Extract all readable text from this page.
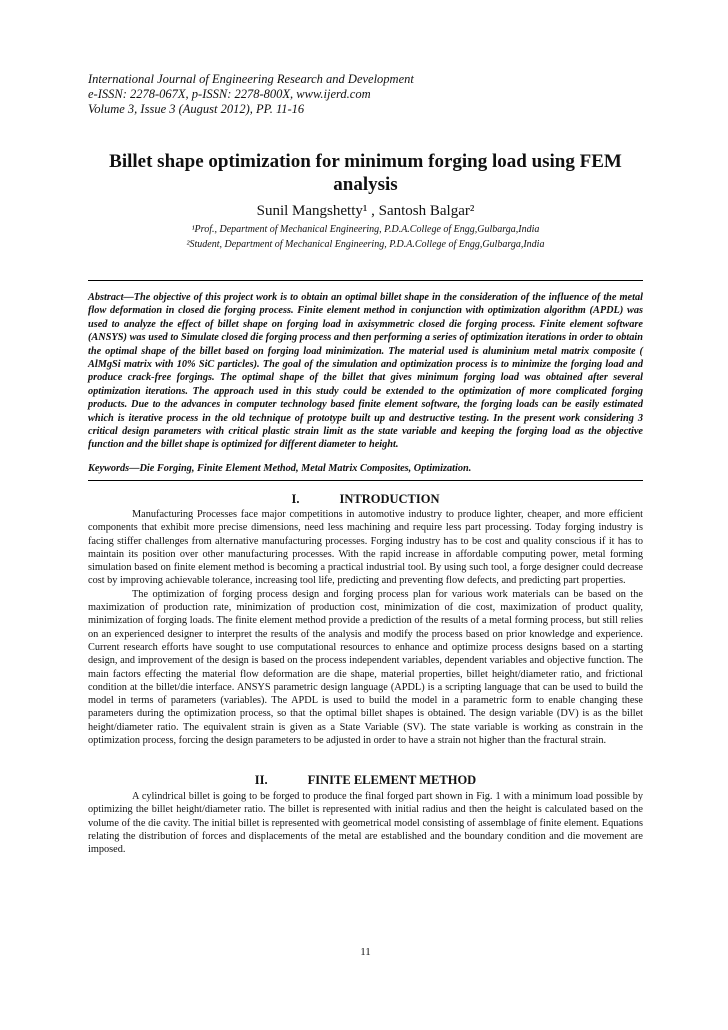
International Journal of Engineering Research and Development
e-ISSN: 2278-067X, p-ISSN: 2278-800X, www.ijerd.com
Volume 3, Issue 3 (August 2012), PP. 11-16
Billet shape optimization for minimum forging load using FEM analysis
Sunil Mangshetty¹ , Santosh Balgar²
¹Prof., Department of Mechanical Engineering, P.D.A.College of Engg,Gulbarga,India
²Student, Department of Mechanical Engineering, P.D.A.College of Engg,Gulbarga,India
Abstract—The objective of this project work is to obtain an optimal billet shape in the consideration of the influence of the metal flow deformation in closed die forging process. Finite element method in conjunction with optimization algorithm (APDL) was used to analyze the effect of billet shape on forging load in axisymmetric closed die forging process. Finite element software (ANSYS) was used to Simulate closed die forging process and then performing a series of optimization iterations in order to obtain the optimal shape of the billet based on forging load minimization. The material used is aluminium metal matrix composite ( AlMgSi matrix with 10% SiC particles). The goal of the simulation and optimization process is to minimize the forging load and produce crack-free forgings. The optimal shape of the billet that gives minimum forging load was obtained after several optimization iterations. The approach used in this study could be extended to the optimization of more complicated forging products. Due to the advances in computer technology based finite element software, the forging loads can be easily estimated which is iterative process in the old technique of prototype built up and destructive testing. In the present work considering 3 critical design parameters with critical plastic strain limit as the state variable and keeping the forging load as the objective function and the billet shape is optimized for different diameter to height.
Keywords—Die Forging, Finite Element Method, Metal Matrix Composites, Optimization.
I.	INTRODUCTION

Manufacturing Processes face major competitions in automotive industry to produce lighter, cheaper, and more efficient components that exhibit more precise dimensions, need less machining and require less part processing. Today forging industry is facing stiffer challenges from alternative manufacturing processes. Forging industry has to be cost and quality conscious if it has to maintain its position over other manufacturing processes. With the rapid increase in affordable computing power, metal forming simulation based on finite element method is becoming a practical industrial tool. By using such tool, a forge designer could decrease cost by improving achievable tolerance, increasing tool life, predicting and preventing flow defects, and predicting part properties.

The optimization of forging process design and forging process plan for various work materials can be based on the maximization of production rate, minimization of production cost, minimization of die cost, maximization of product quality, minimization of forging loads. The finite element method provide a prediction of the results of a metal forming process, but still relies on an experienced designer to interpret the results of the analysis and modify the process based on prior knowledge and experience. Current research efforts have sought to use computational resources to enhance and optimize process designs based on a starting design, and improvement of the design is based on the process independent variables, dependent variables and objective function. The main factors effecting the material flow deformation are die shape, material properties, billet height/diameter ratio, and frictional condition at the billet/die interface. ANSYS parametric design language (APDL) is a scripting language that can be used to build the model in terms of parameters (variables). The APDL is used to build the model in a parametric form to enable changing these parameters during the optimization process, so that the optimal billet shapes is obtained. The design variable (DV) is as the billet height/diameter ratio. The equivalent strain is given as a State Variable (SV). The state variable is working as constrain in the optimization process, forcing the design parameters to be adjusted in order to have a strain not higher than the fractural strain.

II.	FINITE ELEMENT METHOD

A cylindrical billet is going to be forged to produce the final forged part shown in Fig. 1 with a minimum load possible by optimizing the billet height/diameter ratio. The billet is represented with initial radius and then the height is calculated based on the volume of the die cavity. The initial billet is represented with geometrical model consisting of assemblage of finite element. Equations relating the distribution of forces and displacements of the metal are established and the boundary condition and die movement are imposed.

11
